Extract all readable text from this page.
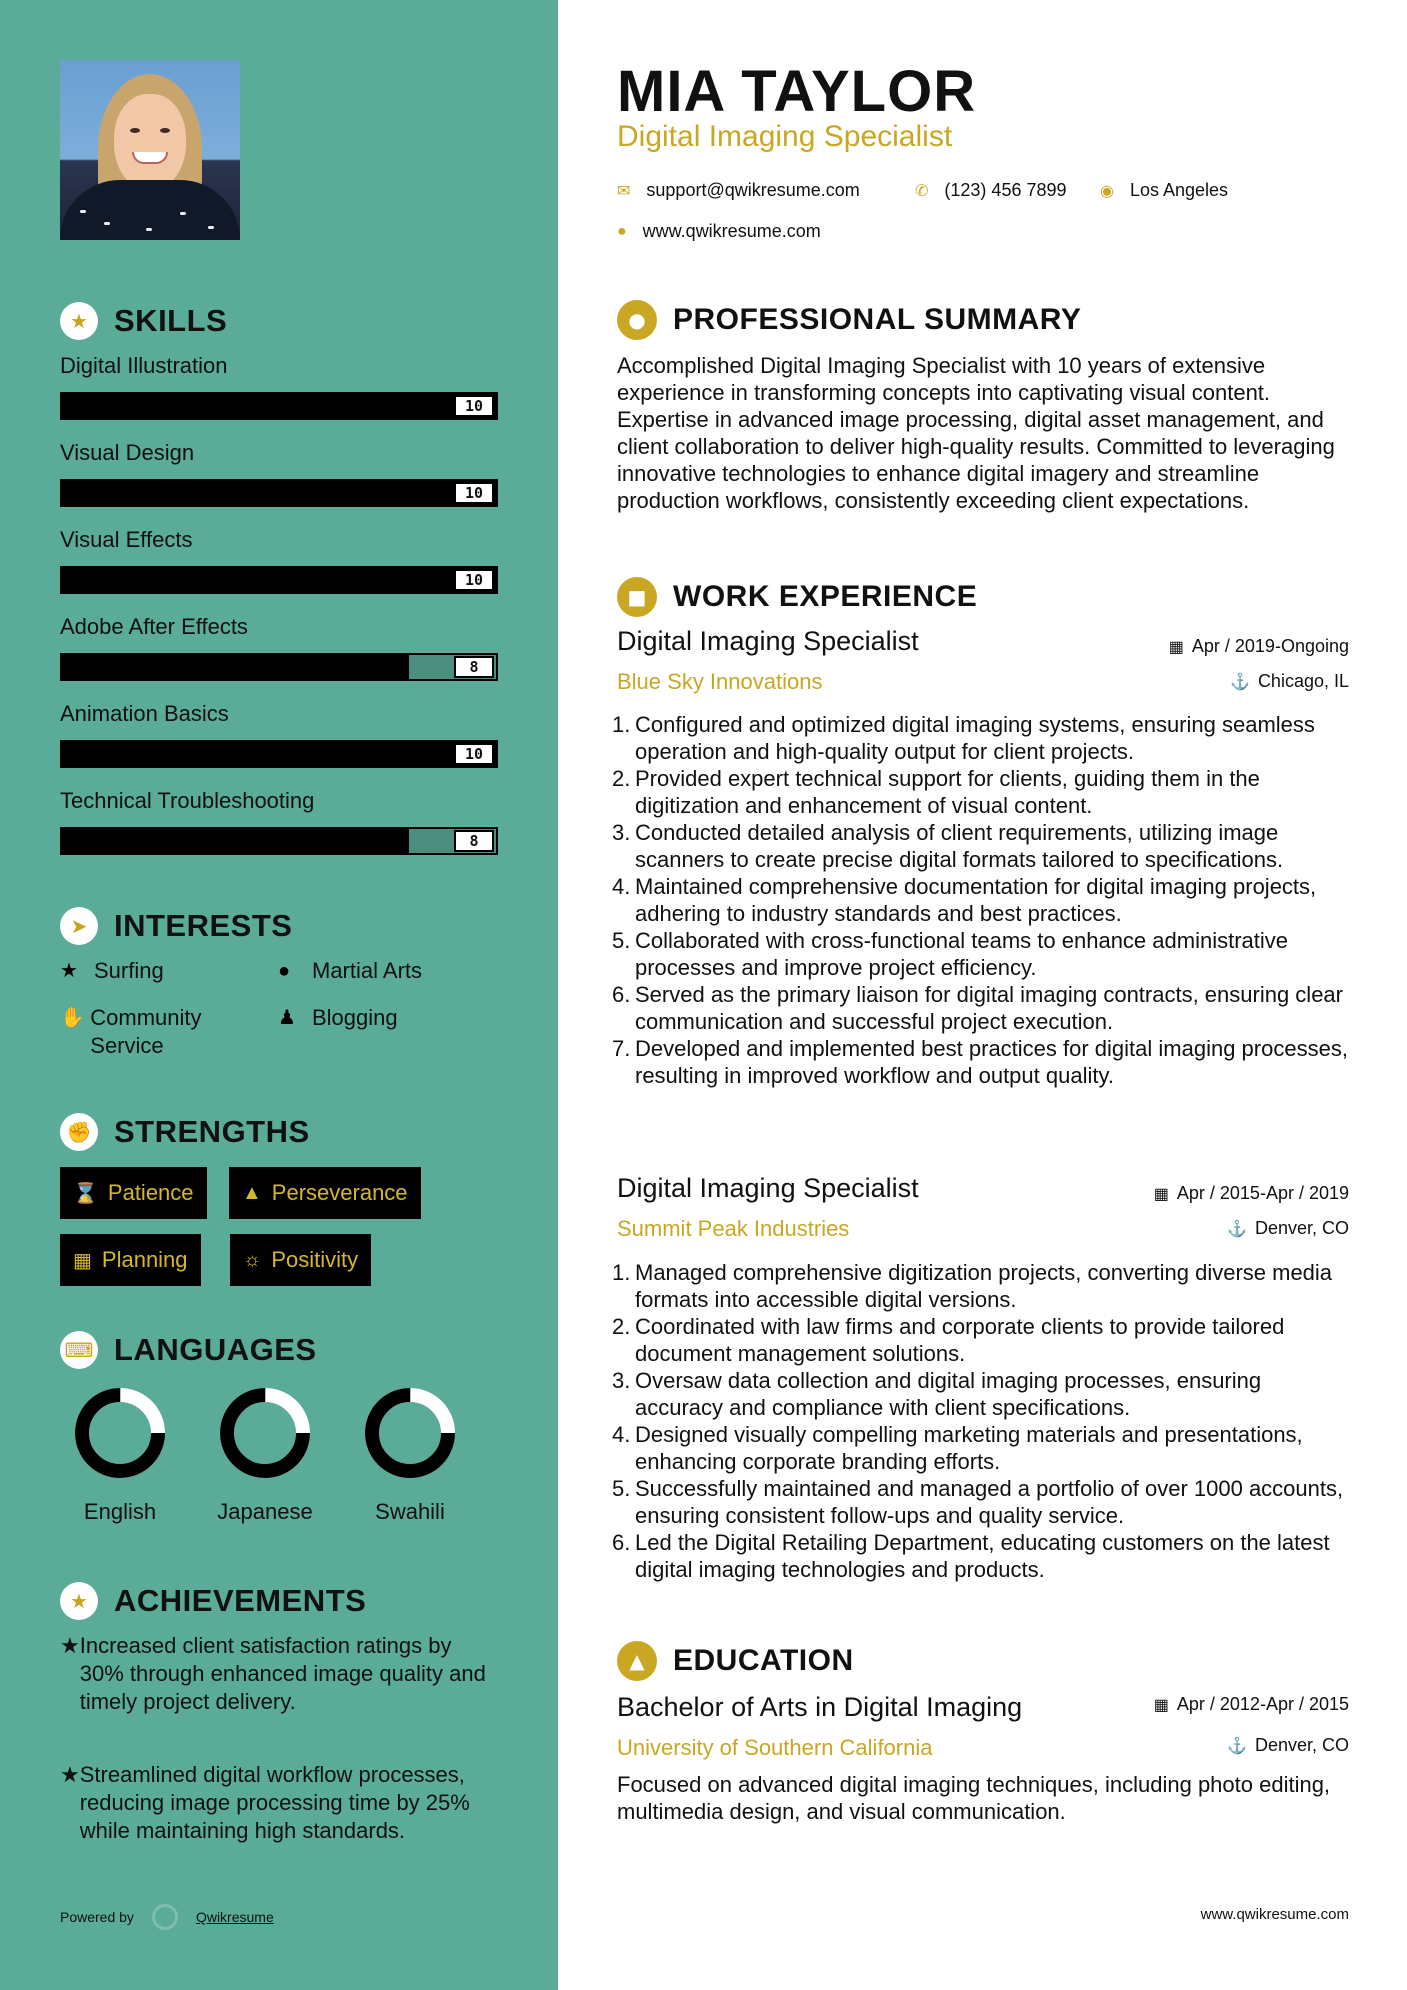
★ SKILLS
Digital Illustration
10
Visual Design
10
Visual Effects
10
Adobe After Effects
8
Animation Basics
10
Technical Troubleshooting
8
➤ INTERESTS
★ Surfing	● Martial Arts
✋ Community Service
♟ Blogging
✊ STRENGTHS
⌛ Patience ▲ Perseverance
▦ Planning	☼ Positivity
⌨ LANGUAGES
English	Japanese	Swahili
★ ACHIEVEMENTS
★ Increased client satisfaction ratings by 30% through enhanced image quality and timely project delivery.
★ Streamlined digital workflow processes, reducing image processing time by 25% while maintaining high standards.
Powered by	Qwikresume
MIA TAYLOR
Digital Imaging Specialist
✉ support@qwikresume.com	✆ (123) 456 7899 ◉ Los Angeles
● www.qwikresume.com
● PROFESSIONAL SUMMARY
Accomplished Digital Imaging Specialist with 10 years of extensive experience in transforming concepts into captivating visual content. Expertise in advanced image processing, digital asset management, and client collaboration to deliver high-quality results. Committed to leveraging innovative technologies to enhance digital imagery and streamline production workflows, consistently exceeding client expectations.
■ WORK EXPERIENCE
Digital Imaging Specialist
Blue Sky Innovations
▦ Apr / 2019-Ongoing
⚓ Chicago, IL
1. Configured and optimized digital imaging systems, ensuring seamless operation and high-quality output for client projects.
2. Provided expert technical support for clients, guiding them in the digitization and enhancement of visual content.
3. Conducted detailed analysis of client requirements, utilizing image scanners to create precise digital formats tailored to specifications.
4. Maintained comprehensive documentation for digital imaging projects, adhering to industry standards and best practices.
5. Collaborated with cross-functional teams to enhance administrative processes and improve project efficiency.
6. Served as the primary liaison for digital imaging contracts, ensuring clear communication and successful project execution.
7. Developed and implemented best practices for digital imaging processes, resulting in improved workflow and output quality.
Digital Imaging Specialist
Summit Peak Industries
▦ Apr / 2015-Apr / 2019
⚓ Denver, CO
1. Managed comprehensive digitization projects, converting diverse media formats into accessible digital versions.
2. Coordinated with law firms and corporate clients to provide tailored document management solutions.
3. Oversaw data collection and digital imaging processes, ensuring accuracy and compliance with client specifications.
4. Designed visually compelling marketing materials and presentations, enhancing corporate branding efforts.
5. Successfully maintained and managed a portfolio of over 1000 accounts, ensuring consistent follow-ups and quality service.
6. Led the Digital Retailing Department, educating customers on the latest digital imaging technologies and products.
▲ EDUCATION
Bachelor of Arts in Digital Imaging
University of Southern California
▦ Apr / 2012-Apr / 2015
⚓ Denver, CO
Focused on advanced digital imaging techniques, including photo editing, multimedia design, and visual communication.
www.qwikresume.com
